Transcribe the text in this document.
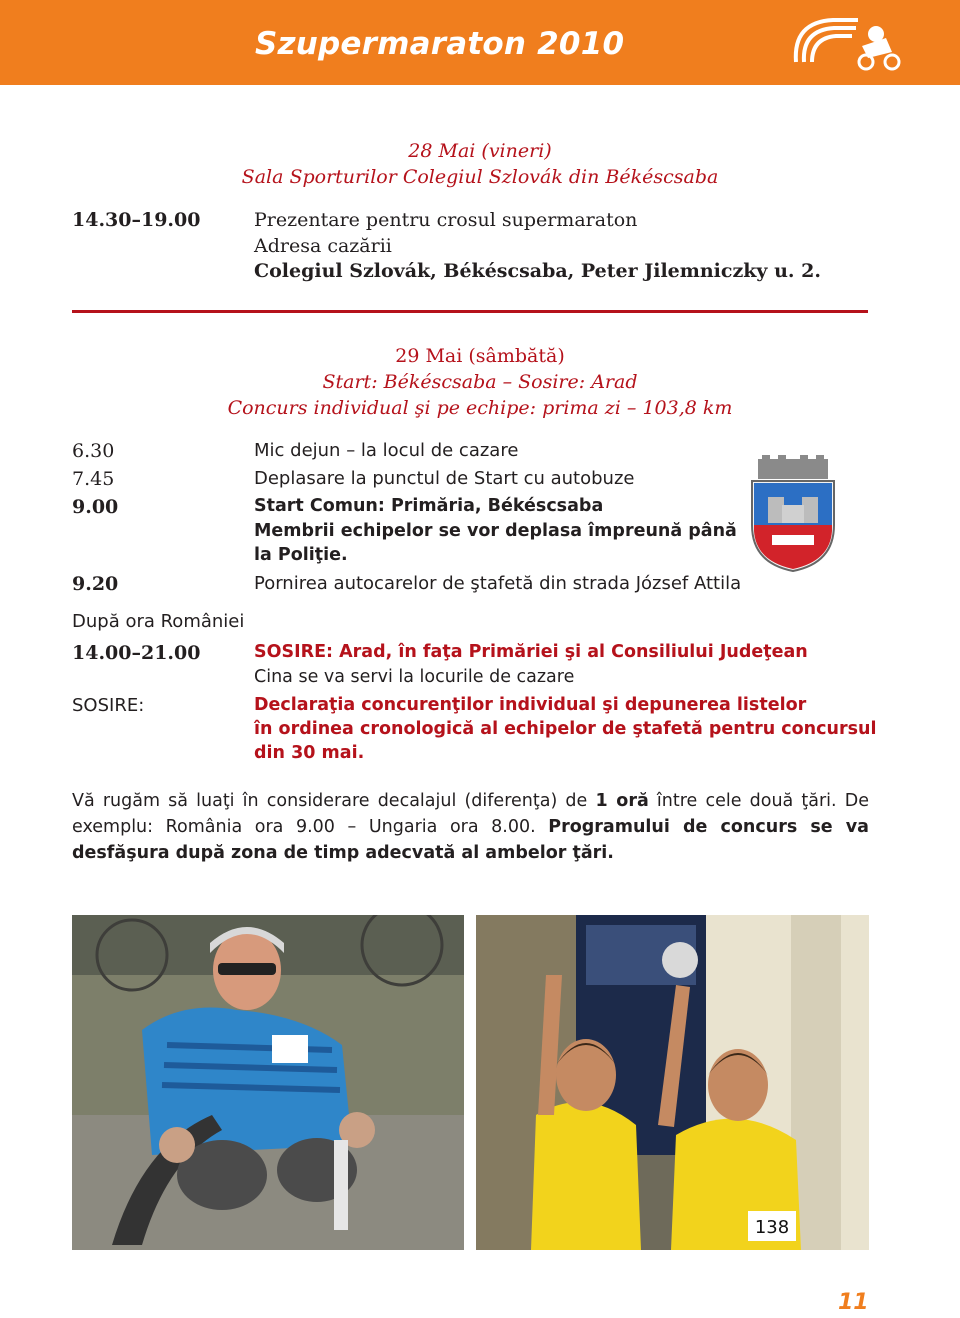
Szupermaraton 2010
28 Mai (vineri)
Sala Sporturilor Colegiul Szlovák din Békéscsaba
14.30–19.00	Prezentare pentru crosul supermaraton
Adresa cazării
Colegiul Szlovák, Békéscsaba, Peter Jilemniczky u. 2.
29 Mai (sâmbătă)
Start: Békéscsaba – Sosire: Arad
Concurs individual şi pe echipe: prima zi – 103,8 km
6.30	Mic dejun – la locul de cazare
7.45	Deplasare la punctul de Start cu autobuze
9.00	Start Comun: Primăria, Békéscsaba
Membrii echipelor se vor deplasa împreună până
la Poliţie.
9.20	Pornirea autocarelor de ştafetă din strada József Attila
După ora României
14.00–21.00	SOSIRE: Arad, în faţa Primăriei şi al Consiliului Judeţean
Cina se va servi la locurile de cazare
SOSIRE:	Declaraţia concurenţilor individual şi depunerea listelor
în ordinea cronologică al echipelor de ştafetă pentru concursul
din 30 mai.
Vă rugăm să luaţi în considerare decalajul (diferenţa) de 1 oră între cele două ţări. De exemplu: România ora 9.00 – Ungaria ora 8.00. Programului de concurs se va desfăşura după zona de timp adecvată al ambelor ţări.
138
11
